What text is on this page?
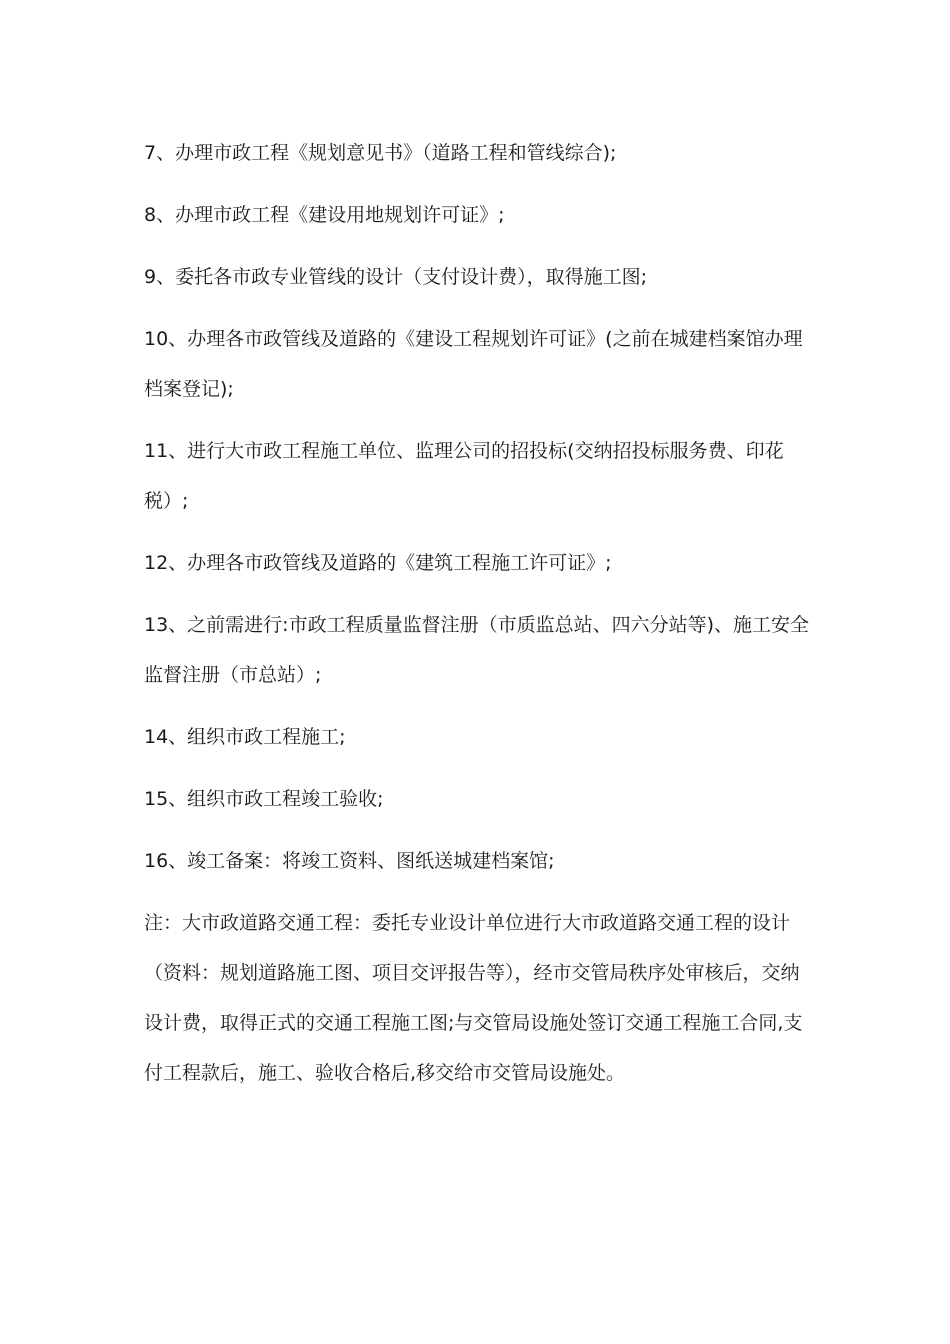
7、办理市政工程《规划意见书》（道路工程和管线综合);

8、办理市政工程《建设用地规划许可证》;

9、委托各市政专业管线的设计（支付设计费），取得施工图;

10、办理各市政管线及道路的《建设工程规划许可证》(之前在城建档案馆办理档案登记);

11、进行大市政工程施工单位、监理公司的招投标(交纳招投标服务费、印花税）;

12、办理各市政管线及道路的《建筑工程施工许可证》;

13、之前需进行:市政工程质量监督注册（市质监总站、四六分站等)、施工安全监督注册（市总站）;

14、组织市政工程施工;

15、组织市政工程竣工验收;

16、竣工备案：将竣工资料、图纸送城建档案馆;

注：大市政道路交通工程：委托专业设计单位进行大市政道路交通工程的设计（资料：规划道路施工图、项目交评报告等），经市交管局秩序处审核后，交纳设计费，取得正式的交通工程施工图;与交管局设施处签订交通工程施工合同,支付工程款后，施工、验收合格后,移交给市交管局设施处。
